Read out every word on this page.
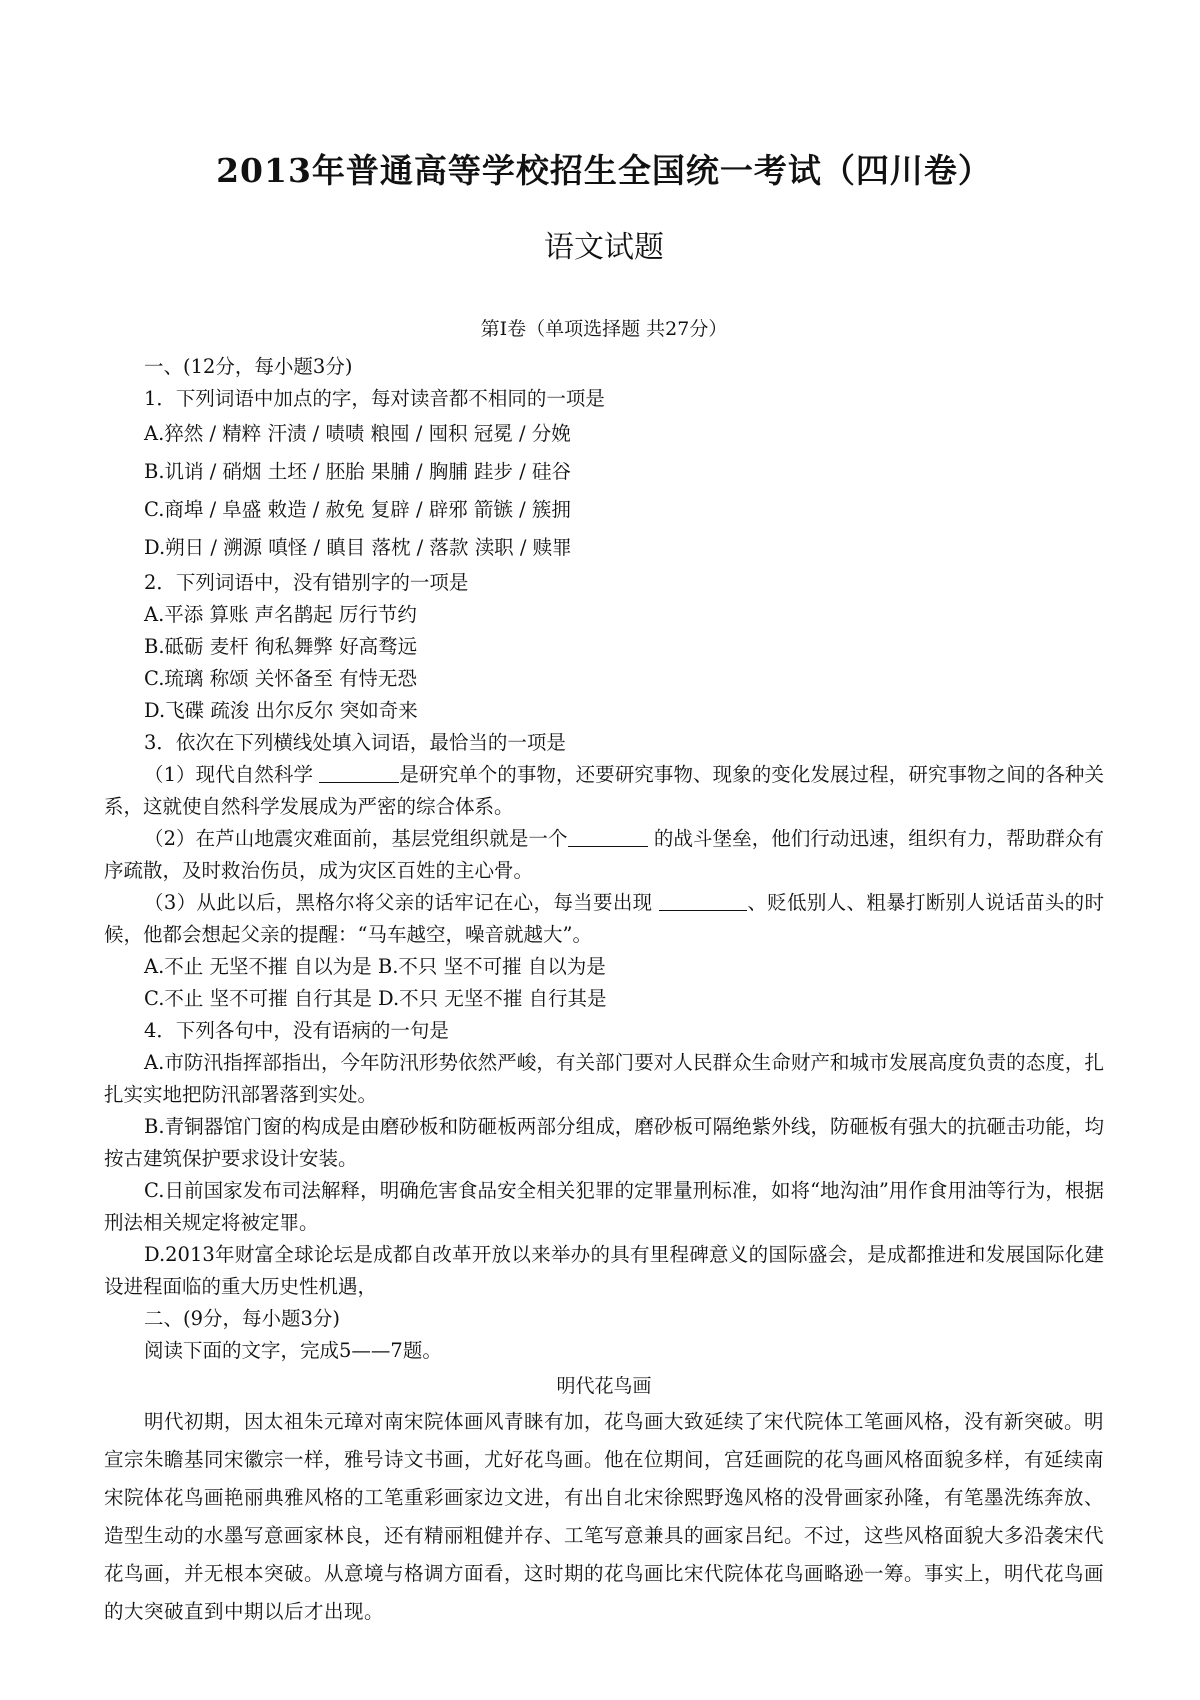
2013年普通高等学校招生全国统一考试（四川卷）
语文试题
第Ⅰ卷（单项选择题 共27分）
一、(12分，每小题3分)
1．下列词语中加点的字，每对读音都不相同的一项是
A.猝然 / 精粹 汗渍 / 啧啧 粮囤 / 囤积 冠冕 / 分娩
B.讥诮 / 硝烟 土坯 / 胚胎 果脯 / 胸脯 跬步 / 硅谷
C.商埠 / 阜盛 敕造 / 赦免 复辟 / 辟邪 箭镞 / 簇拥
D.朔日 / 溯源 嗔怪 / 瞋目 落枕 / 落款 渎职 / 赎罪
2．下列词语中，没有错别字的一项是
A.平添 算账 声名鹊起 厉行节约
B.砥砺 麦杆 徇私舞弊 好高骛远
C.琉璃 称颂 关怀备至 有恃无恐
D.飞碟 疏浚 出尔反尔 突如奇来
3．依次在下列横线处填入词语，最恰当的一项是

（1）现代自然科学	是研究单个的事物，还要研究事物、现象的变化发展过程，研究事物之间的各种关系，这就使自然科学发展成为严密的综合体系。

（2）在芦山地震灾难面前，基层党组织就是一个	的战斗堡垒，他们行动迅速，组织有力，帮助群众有序疏散，及时救治伤员，成为灾区百姓的主心骨。

（3）从此以后，黑格尔将父亲的话牢记在心，每当要出现	、贬低别人、粗暴打断别人说话苗头的时候，他都会想起父亲的提醒：“马车越空，噪音就越大”。

A.不止 无坚不摧 自以为是 B.不只 坚不可摧 自以为是
C.不止 坚不可摧 自行其是 D.不只 无坚不摧 自行其是
4．下列各句中，没有语病的一句是

A.市防汛指挥部指出，今年防汛形势依然严峻，有关部门要对人民群众生命财产和城市发展高度负责的态度，扎扎实实地把防汛部署落到实处。

B.青铜器馆门窗的构成是由磨砂板和防砸板两部分组成，磨砂板可隔绝紫外线，防砸板有强大的抗砸击功能，均按古建筑保护要求设计安装。

C.日前国家发布司法解释，明确危害食品安全相关犯罪的定罪量刑标准，如将“地沟油”用作食用油等行为，根据刑法相关规定将被定罪。

D.2013年财富全球论坛是成都自改革开放以来举办的具有里程碑意义的国际盛会，是成都推进和发展国际化建设进程面临的重大历史性机遇，

二、(9分，每小题3分)
阅读下面的文字，完成5——7题。
明代花鸟画

明代初期，因太祖朱元璋对南宋院体画风青睐有加，花鸟画大致延续了宋代院体工笔画风格，没有新突破。明宣宗朱瞻基同宋徽宗一样，雅号诗文书画，尤好花鸟画。他在位期间，宫廷画院的花鸟画风格面貌多样，有延续南宋院体花鸟画艳丽典雅风格的工笔重彩画家边文进，有出自北宋徐熙野逸风格的没骨画家孙隆，有笔墨洗练奔放、造型生动的水墨写意画家林良，还有精丽粗健并存、工笔写意兼具的画家吕纪。不过，这些风格面貌大多沿袭宋代花鸟画，并无根本突破。从意境与格调方面看，这时期的花鸟画比宋代院体花鸟画略逊一筹。事实上，明代花鸟画的大突破直到中期以后才出现。
